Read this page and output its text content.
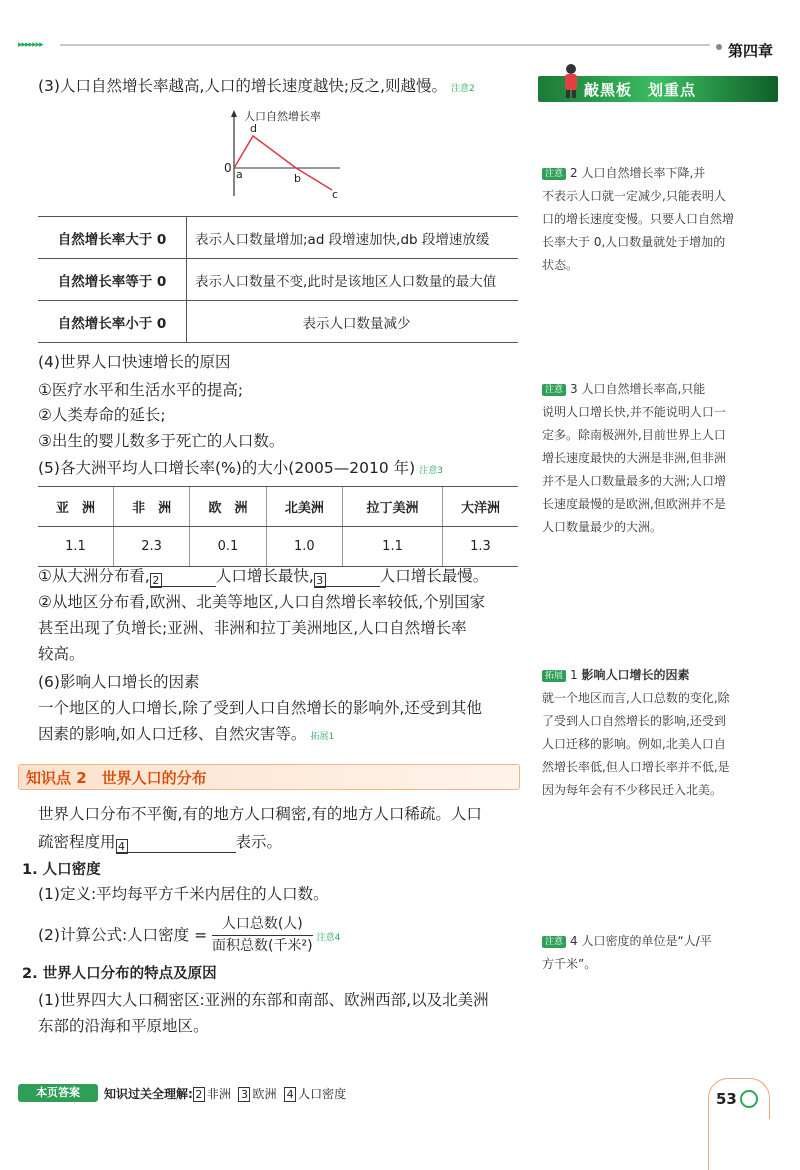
▸▸▸▸▸▸▸	第四章
(3)人口自然增长率越高,人口的增长速度越快;反之,则越慢。 注意2
人口自然增长率
0 a
d
b
c
自然增长率大于 0	表示人口数量增加;ad 段增速加快,db 段增速放缓
自然增长率等于 0	表示人口数量不变,此时是该地区人口数量的最大值
自然增长率小于 0	表示人口数量减少
(4)世界人口快速增长的原因
①医疗水平和生活水平的提高;
②人类寿命的延长;
③出生的婴儿数多于死亡的人口数。
(5)各大洲平均人口增长率(%)的大小(2005—2010 年) 注意3
亚　洲	非　洲	欧　洲	北美洲	拉丁美洲	大洋洲
1.1	2.3	0.1	1.0	1.1	1.3
①从大洲分布看, 2	人口增长最快, 3	人口增长最慢。
②从地区分布看,欧洲、北美等地区,人口自然增长率较低,个别国家
甚至出现了负增长;亚洲、非洲和拉丁美洲地区,人口自然增长率
较高。
(6)影响人口增长的因素
一个地区的人口增长,除了受到人口自然增长的影响外,还受到其他
因素的影响,如人口迁移、自然灾害等。 拓展1
知识点 2　世界人口的分布
世界人口分布不平衡,有的地方人口稠密,有的地方人口稀疏。人口
疏密程度用 4	表示。
1. 人口密度
(1)定义:平均每平方千米内居住的人口数。
(2)计算公式:人口密度 = $\frac{\text{人口总数(人)}}{\text{面积总数(千米²)}}$ 注意4
2. 世界人口分布的特点及原因
(1)世界四大人口稠密区:亚洲的东部和南部、欧洲西部,以及北美洲
东部的沿海和平原地区。
敲黑板　划重点
注意 2 人口自然增长率下降,并
不表示人口就一定减少,只能表明人
口的增长速度变慢。只要人口自然增
长率大于 0,人口数量就处于增加的
状态。
注意 3 人口自然增长率高,只能
说明人口增长快,并不能说明人口一
定多。除南极洲外,目前世界上人口
增长速度最快的大洲是非洲,但非洲
并不是人口数量最多的大洲;人口增
长速度最慢的是欧洲,但欧洲并不是
人口数量最少的大洲。
拓展 1 影响人口增长的因素
就一个地区而言,人口总数的变化,除
了受到人口自然增长的影响,还受到
人口迁移的影响。例如,北美人口自
然增长率低,但人口增长率并不低,是
因为每年会有不少移民迁入北美。
注意 4 人口密度的单位是“人/平
方千米”。
本页答案	知识过关全理解: 2 非洲 3 欧洲 4 人口密度	53
